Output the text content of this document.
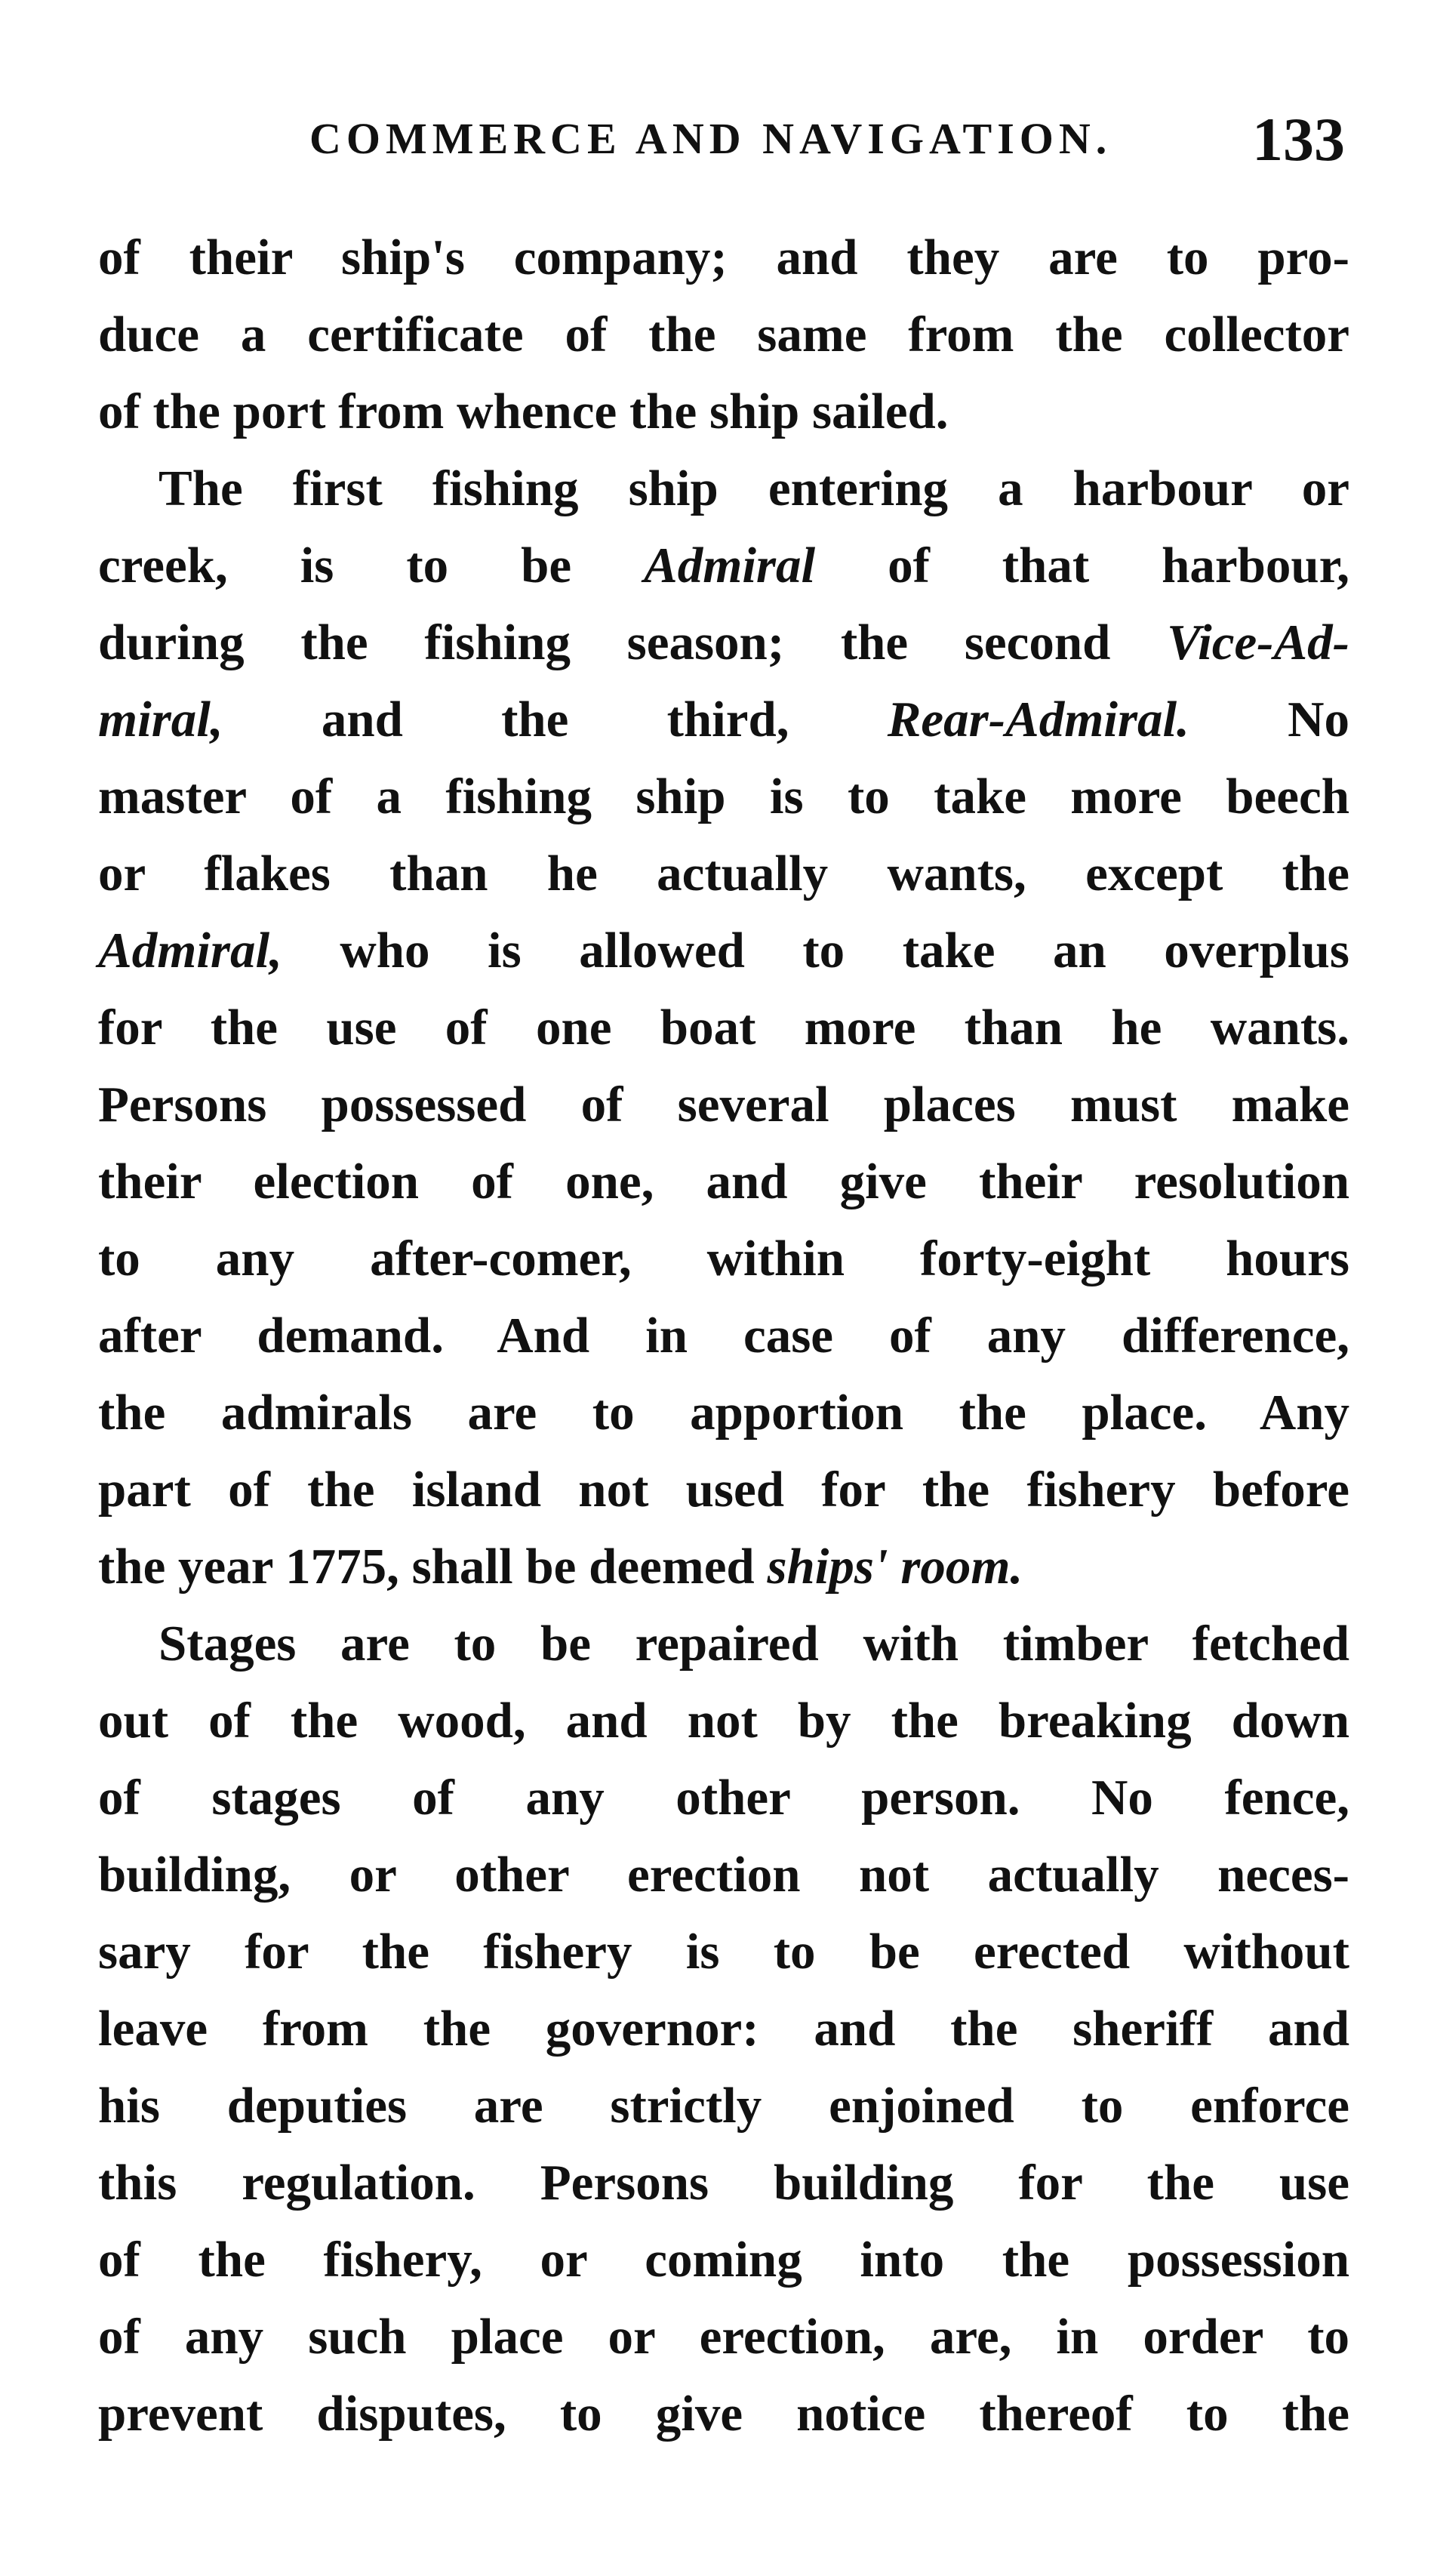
COMMERCE AND NAVIGATION. 133
of their ship's company; and they are to pro-
duce a certificate of the same from the collector
of the port from whence the ship sailed.
The first fishing ship entering a harbour or
creek, is to be Admiral of that harbour,
during the fishing season; the second Vice-Ad-
miral, and the third, Rear-Admiral. No
master of a fishing ship is to take more beech
or flakes than he actually wants, except the
Admiral, who is allowed to take an overplus
for the use of one boat more than he wants.
Persons possessed of several places must make
their election of one, and give their resolution
to any after-comer, within forty-eight hours
after demand. And in case of any difference,
the admirals are to apportion the place. Any
part of the island not used for the fishery before
the year 1775, shall be deemed ships' room.
Stages are to be repaired with timber fetched
out of the wood, and not by the breaking down
of stages of any other person. No fence,
building, or other erection not actually neces-
sary for the fishery is to be erected without
leave from the governor: and the sheriff and
his deputies are strictly enjoined to enforce
this regulation. Persons building for the use
of the fishery, or coming into the possession
of any such place or erection, are, in order to
prevent disputes, to give notice thereof to the
